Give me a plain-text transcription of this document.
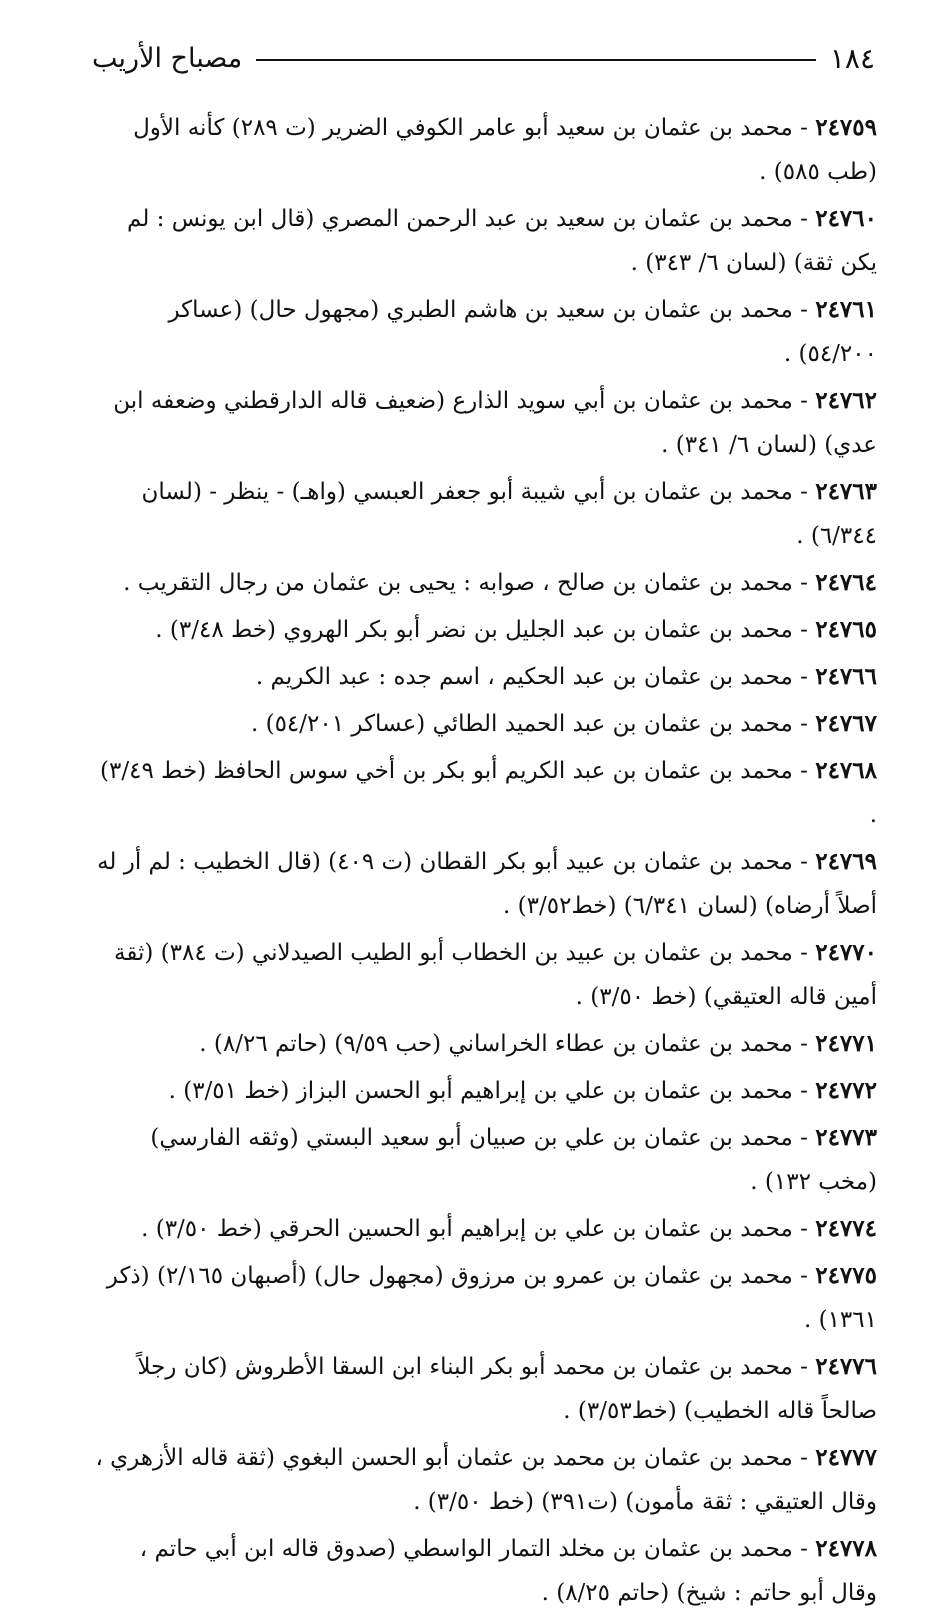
١٨٤
مصباح الأريب
٢٤٧٥٩ - محمد بن عثمان بن سعيد أبو عامر الكوفي الضرير (ت ٢٨٩) كأنه الأول (طب ٥٨٥) .
٢٤٧٦٠ - محمد بن عثمان بن سعيد بن عبد الرحمن المصري (قال ابن يونس : لم يكن ثقة) (لسان ٦/ ٣٤٣) .
٢٤٧٦١ - محمد بن عثمان بن سعيد بن هاشم الطبري (مجهول حال) (عساكر ٥٤/٢٠٠) .
٢٤٧٦٢ - محمد بن عثمان بن أبي سويد الذارع (ضعيف قاله الدارقطني وضعفه ابن عدي) (لسان ٦/ ٣٤١) .
٢٤٧٦٣ - محمد بن عثمان بن أبي شيبة أبو جعفر العبسي (واهـ) - ينظر - (لسان ٦/٣٤٤) .
٢٤٧٦٤ - محمد بن عثمان بن صالح ، صوابه : يحيى بن عثمان من رجال التقريب .
٢٤٧٦٥ - محمد بن عثمان بن عبد الجليل بن نضر أبو بكر الهروي (خط ٣/٤٨) .
٢٤٧٦٦ - محمد بن عثمان بن عبد الحكيم ، اسم جده : عبد الكريم .
٢٤٧٦٧ - محمد بن عثمان بن عبد الحميد الطائي (عساكر ٥٤/٢٠١) .
٢٤٧٦٨ - محمد بن عثمان بن عبد الكريم أبو بكر بن أخي سوس الحافظ (خط ٣/٤٩) .
٢٤٧٦٩ - محمد بن عثمان بن عبيد أبو بكر القطان (ت ٤٠٩) (قال الخطيب : لم أر له أصلاً أرضاه) (لسان ٦/٣٤١) (خط٣/٥٢) .
٢٤٧٧٠ - محمد بن عثمان بن عبيد بن الخطاب أبو الطيب الصيدلاني (ت ٣٨٤) (ثقة أمين قاله العتيقي) (خط ٣/٥٠) .
٢٤٧٧١ - محمد بن عثمان بن عطاء الخراساني (حب ٩/٥٩) (حاتم ٨/٢٦) .
٢٤٧٧٢ - محمد بن عثمان بن علي بن إبراهيم أبو الحسن البزاز (خط ٣/٥١) .
٢٤٧٧٣ - محمد بن عثمان بن علي بن صبيان أبو سعيد البستي (وثقه الفارسي) (مخب ١٣٢) .
٢٤٧٧٤ - محمد بن عثمان بن علي بن إبراهيم أبو الحسين الحرقي (خط ٣/٥٠) .
٢٤٧٧٥ - محمد بن عثمان بن عمرو بن مرزوق (مجهول حال) (أصبهان ٢/١٦٥) (ذكر ١٣٦١) .
٢٤٧٧٦ - محمد بن عثمان بن محمد أبو بكر البناء ابن السقا الأطروش (كان رجلاً صالحاً قاله الخطيب) (خط٣/٥٣) .
٢٤٧٧٧ - محمد بن عثمان بن محمد بن عثمان أبو الحسن البغوي (ثقة قاله الأزهري ، وقال العتيقي : ثقة مأمون) (ت٣٩١) (خط ٣/٥٠) .
٢٤٧٧٨ - محمد بن عثمان بن مخلد التمار الواسطي (صدوق قاله ابن أبي حاتم ، وقال أبو حاتم : شيخ) (حاتم ٨/٢٥) .
